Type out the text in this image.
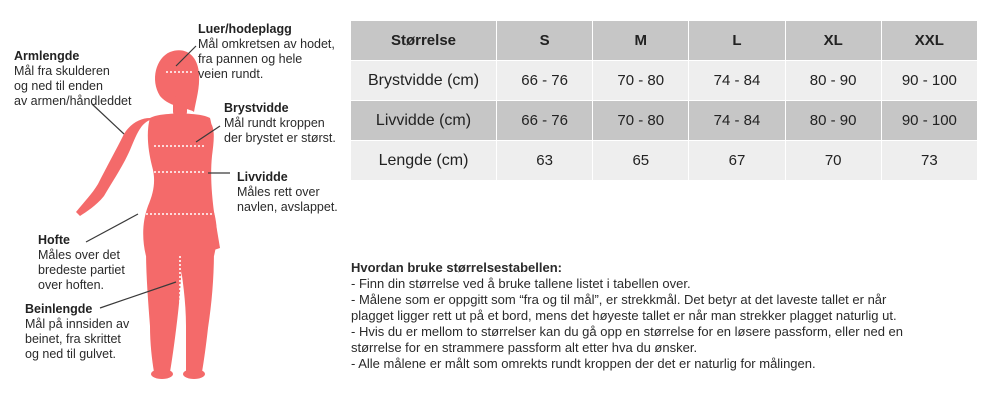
Luer/hodeplagg
Mål omkretsen av hodet,
fra pannen og hele
veien rundt.
Armlengde
Mål fra skulderen
og ned til enden
av armen/håndleddet	Brystvidde
Mål rundt kroppen
der brystet er størst.
Livvidde
Måles rett over
navlen, avslappet.
Hofte
Måles over det
bredeste partiet
over hoften.
Beinlengde
Mål på innsiden av
beinet, fra skrittet
og ned til gulvet.
Størrelse	S	M	L	XL	XXL
Brystvidde (cm)	66 - 76	70 - 80	74 - 84	80 - 90	90 - 100
Livvidde (cm)	66 - 76	70 - 80	74 - 84	80 - 90	90 - 100
Lengde (cm)	63	65	67	70	73
Hvordan bruke størrelsestabellen:
- Finn din størrelse ved å bruke tallene listet i tabellen over.
- Målene som er oppgitt som “fra og til mål”, er strekkmål. Det betyr at det laveste tallet er når plagget ligger rett ut på et bord, mens det høyeste tallet er når man strekker plagget naturlig ut.
- Hvis du er mellom to størrelser kan du gå opp en størrelse for en løsere passform, eller ned en størrelse for en strammere passform alt etter hva du ønsker.
- Alle målene er målt som omrekts rundt kroppen der det er naturlig for målingen.
